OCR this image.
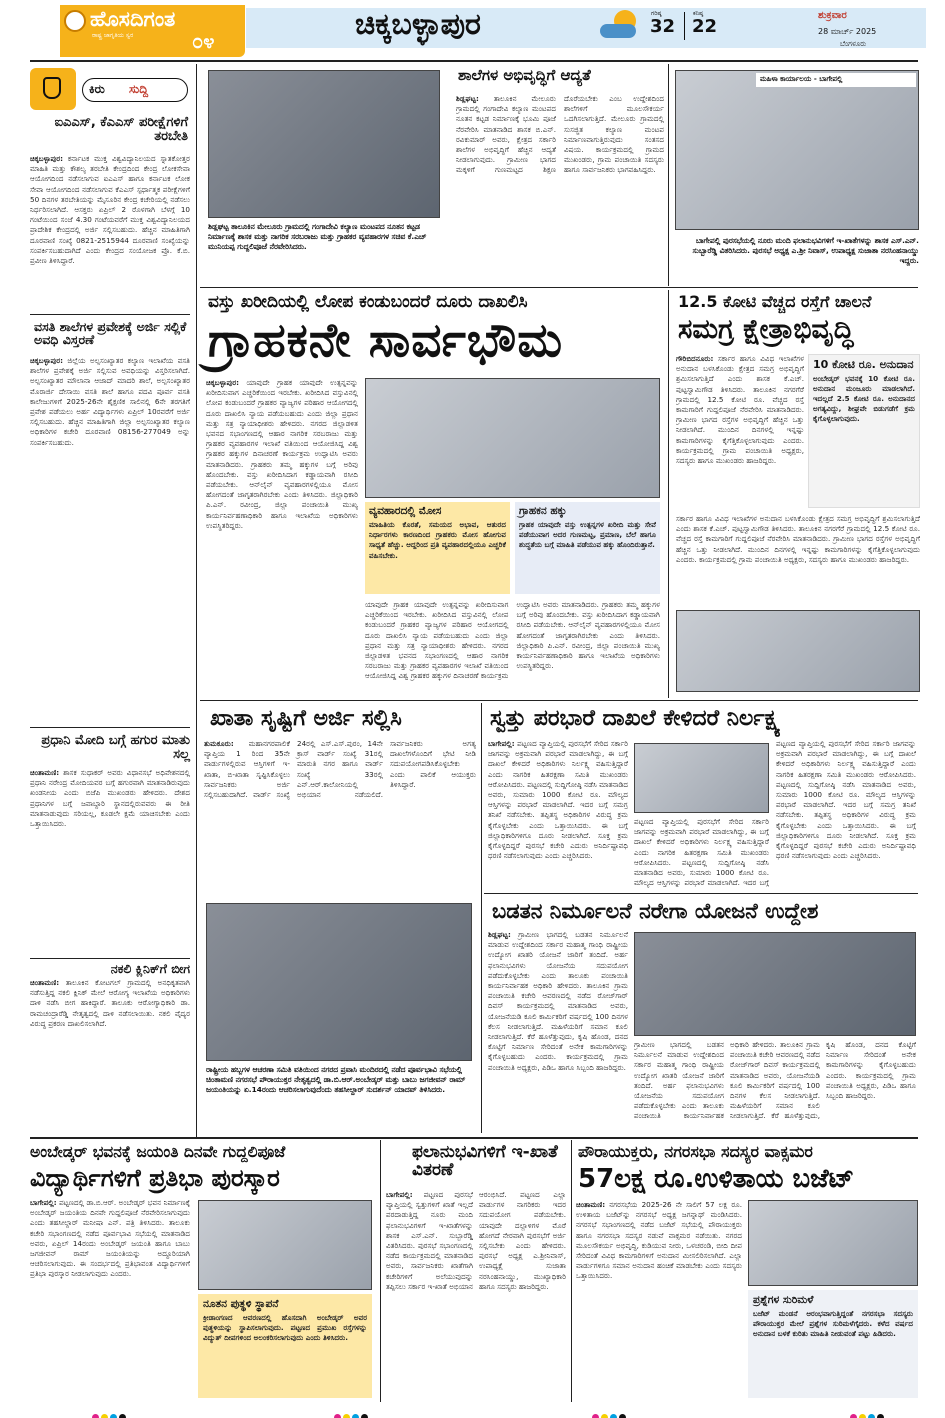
ಹೊಸದಿಗಂತ
ರಾಷ್ಟ್ರ ಜಾಗೃತಿಯ ಸ್ವರ	೦೪	ಚಿಕ್ಕಬಳ್ಳಾಪುರ	ಗರಿಷ್ಠ
32
ಕನಿಷ್ಠ
22
ಶುಕ್ರವಾರ
28 ಮಾರ್ಚ್ 2025
ಬೆಂಗಳೂರು
ಕಿರು ಸುದ್ದಿ
ಐಎಎಸ್, ಕೆಎಎಸ್ ಪರೀಕ್ಷೆಗಳಿಗೆ ತರಬೇತಿ
ಚಿಕ್ಕಬಳ್ಳಾಪುರ: ಕರ್ನಾಟಕ ಮುಕ್ತ ವಿಶ್ವವಿದ್ಯಾನಿಲಯದ ಸ್ನಾತಕೋತ್ತರ ಮಾಹಿತಿ ಮತ್ತು ಕೌಶಲ್ಯ ತರಬೇತಿ ಕೇಂದ್ರದಿಂದ ಕೇಂದ್ರ ಲೋಕಸೇವಾ ಆಯೋಗದಿಂದ ನಡೆಸಲಾಗುವ ಐಎಎಸ್ ಹಾಗೂ ಕರ್ನಾಟಕ ಲೋಕ ಸೇವಾ ಆಯೋಗದಿಂದ ನಡೆಸಲಾಗುವ ಕೆಎಎಸ್ ಸ್ಪರ್ಧಾತ್ಮಕ ಪರೀಕ್ಷೆಗಳಿಗೆ 50 ದಿನಗಳ ತರಬೇತಿಯನ್ನು ಮೈಸೂರಿನ ಕೇಂದ್ರ ಕಚೇರಿಯಲ್ಲಿ ನಡೆಸಲು ನಿರ್ಧರಿಸಲಾಗಿದೆ. ಆಸಕ್ತರು ಏಪ್ರಿಲ್ 2 ರೊಳಗಾಗಿ ಬೆಳಗ್ಗೆ 10 ಗಂಟೆಯಿಂದ ಸಂಜೆ 4.30 ಗಂಟೆಯವರೆಗೆ ಮುಕ್ತ ವಿಶ್ವವಿದ್ಯಾನಿಲಯದ ಪ್ರಾದೇಶಿಕ ಕೇಂದ್ರದಲ್ಲಿ ಅರ್ಜಿ ಸಲ್ಲಿಸಬಹುದು. ಹೆಚ್ಚಿನ ಮಾಹಿತಿಗಾಗಿ ದೂರವಾಣಿ ಸಂಖ್ಯೆ 0821-2515944 ದೂರವಾಣಿ ಸಂಖ್ಯೆಯನ್ನು ಸಂಪರ್ಕಿಸಬಹುದಾಗಿದೆ ಎಂದು ಕೇಂದ್ರದ ಸಂಯೋಜಕ ಪ್ರೊ. ಕೆ.ಬಿ. ಪ್ರವೀಣ ತಿಳಿಸಿದ್ದಾರೆ.
ವಸತಿ ಶಾಲೆಗಳ ಪ್ರವೇಶಕ್ಕೆ ಅರ್ಜಿ ಸಲ್ಲಿಕೆ ಅವಧಿ ವಿಸ್ತರಣೆ
ಚಿಕ್ಕಬಳ್ಳಾಪುರ: ಜಿಲ್ಲೆಯ ಅಲ್ಪಸಂಖ್ಯಾತರ ಕಲ್ಯಾಣ ಇಲಾಖೆಯ ವಸತಿ ಶಾಲೆಗಳ ಪ್ರವೇಶಕ್ಕೆ ಅರ್ಜಿ ಸಲ್ಲಿಸುವ ಅವಧಿಯನ್ನು ವಿಸ್ತರಿಸಲಾಗಿದೆ. ಅಲ್ಪಸಂಖ್ಯಾತರ ಮೌಲಾನಾ ಆಜಾದ್ ಮಾದರಿ ಶಾಲೆ, ಅಲ್ಪಸಂಖ್ಯಾತರ ಮೊರಾರ್ಜಿ ದೇಸಾಯಿ ವಸತಿ ಶಾಲೆ ಹಾಗೂ ಪದವಿ ಪೂರ್ವ ವಸತಿ ಕಾಲೇಜುಗಳಿಗೆ 2025-26ನೇ ಶೈಕ್ಷಣಿಕ ಸಾಲಿನಲ್ಲಿ 6ನೇ ತರಗತಿಗೆ ಪ್ರವೇಶ ಪಡೆಯಲು ಅರ್ಹ ವಿದ್ಯಾರ್ಥಿಗಳು ಏಪ್ರಿಲ್ 10ರವರೆಗೆ ಅರ್ಜಿ ಸಲ್ಲಿಸಬಹುದು. ಹೆಚ್ಚಿನ ಮಾಹಿತಿಗಾಗಿ ಜಿಲ್ಲಾ ಅಲ್ಪಸಂಖ್ಯಾತರ ಕಲ್ಯಾಣ ಅಧಿಕಾರಿಗಳ ಕಚೇರಿ ದೂರವಾಣಿ 08156-277049 ಅನ್ನು ಸಂಪರ್ಕಿಸಬಹುದು.
ಪ್ರಧಾನಿ ಮೋದಿ ಬಗ್ಗೆ ಹಗುರ ಮಾತು ಸಲ್ಲ
ಚಿಂತಾಮಣಿ: ಶಾಸಕ ಸುಧಾಕರ್ ಅವರು ವಿಧಾನಸಭೆ ಅಧಿವೇಶನದಲ್ಲಿ ಪ್ರಧಾನಿ ನರೇಂದ್ರ ಮೋದಿಯವರ ಬಗ್ಗೆ ಹಗುರವಾಗಿ ಮಾತನಾಡಿರುವುದು ಖಂಡನೀಯ ಎಂದು ಬಿಜೆಪಿ ಮುಖಂಡರು ಹೇಳಿದರು. ದೇಶದ ಪ್ರಧಾನಿಗಳ ಬಗ್ಗೆ ಜವಾಬ್ದಾರಿ ಸ್ಥಾನದಲ್ಲಿರುವವರು ಈ ರೀತಿ ಮಾತನಾಡುವುದು ಸರಿಯಲ್ಲ, ಕೂಡಲೇ ಕ್ಷಮೆ ಯಾಚಿಸಬೇಕು ಎಂದು ಒತ್ತಾಯಿಸಿದರು.
ನಕಲಿ ಕ್ಲಿನಿಕ್‌ಗೆ ಬೀಗ
ಚಿಂತಾಮಣಿ: ತಾಲೂಕಿನ ಕೋಟಗಲ್ ಗ್ರಾಮದಲ್ಲಿ ಅನಧಿಕೃತವಾಗಿ ನಡೆಸುತ್ತಿದ್ದ ನಕಲಿ ಕ್ಲಿನಿಕ್ ಮೇಲೆ ಆರೋಗ್ಯ ಇಲಾಖೆಯ ಅಧಿಕಾರಿಗಳು ದಾಳಿ ನಡೆಸಿ ಬೀಗ ಹಾಕಿದ್ದಾರೆ. ತಾಲೂಕು ಆರೋಗ್ಯಾಧಿಕಾರಿ ಡಾ. ರಾಮಚಂದ್ರಾರೆಡ್ಡಿ ನೇತೃತ್ವದಲ್ಲಿ ದಾಳಿ ನಡೆಸಲಾಯಿತು. ನಕಲಿ ವೈದ್ಯರ ವಿರುದ್ಧ ಪ್ರಕರಣ ದಾಖಲಿಸಲಾಗಿದೆ.
ಶಿಡ್ಲಘಟ್ಟ ತಾಲೂಕಿನ ಮೇಲೂರು ಗ್ರಾಮದಲ್ಲಿ ಗಂಗಾದೇವಿ ಕಲ್ಯಾಣ ಮಂಟಪದ ನೂತನ ಕಟ್ಟಡ ನಿರ್ಮಾಣಕ್ಕೆ ಶಾಸಕ ಮತ್ತು ನಾಗರಿಕ ಸರಬರಾಜು ಮತ್ತು ಗ್ರಾಹಕರ ವ್ಯವಹಾರಗಳ ಸಚಿವ ಕೆ.ಎಚ್ ಮುನಿಯಪ್ಪ ಗುದ್ದಲಿಪೂಜೆ ನೆರವೇರಿಸಿದರು.
ಶಾಲೆಗಳ ಅಭಿವೃದ್ಧಿಗೆ ಆದ್ಯತೆ
ಶಿಡ್ಲಘಟ್ಟ: ತಾಲೂಕಿನ ಮೇಲೂರು ಗ್ರಾಮದಲ್ಲಿ ಗಂಗಾದೇವಿ ಕಲ್ಯಾಣ ಮಂಟಪದ ನೂತನ ಕಟ್ಟಡ ನಿರ್ಮಾಣಕ್ಕೆ ಭೂಮಿ ಪೂಜೆ ನೆರವೇರಿಸಿ ಮಾತನಾಡಿದ ಶಾಸಕ ಬಿ.ಎನ್. ರವಿಕುಮಾರ್ ಅವರು, ಕ್ಷೇತ್ರದ ಸರ್ಕಾರಿ ಶಾಲೆಗಳ ಅಭಿವೃದ್ಧಿಗೆ ಹೆಚ್ಚಿನ ಆದ್ಯತೆ ನೀಡಲಾಗುವುದು. ಗ್ರಾಮೀಣ ಭಾಗದ ಮಕ್ಕಳಿಗೆ ಗುಣಮಟ್ಟದ ಶಿಕ್ಷಣ ದೊರೆಯಬೇಕು ಎಂಬ ಉದ್ದೇಶದಿಂದ ಶಾಲೆಗಳಿಗೆ ಮೂಲಸೌಕರ್ಯ ಒದಗಿಸಲಾಗುತ್ತಿದೆ. ಮೇಲೂರು ಗ್ರಾಮದಲ್ಲಿ ಸುಸಜ್ಜಿತ ಕಲ್ಯಾಣ ಮಂಟಪ ನಿರ್ಮಾಣವಾಗುತ್ತಿರುವುದು ಸಂತಸದ ವಿಷಯ. ಕಾರ್ಯಕ್ರಮದಲ್ಲಿ ಗ್ರಾಮದ ಮುಖಂಡರು, ಗ್ರಾಮ ಪಂಚಾಯಿತಿ ಸದಸ್ಯರು ಹಾಗೂ ಸಾರ್ವಜನಿಕರು ಭಾಗವಹಿಸಿದ್ದರು.
ಮಹಿಳಾ ಕಾರ್ಯಾಲಯ - ಬಾಗೇಪಲ್ಲಿ
ಬಾಗೇಪಲ್ಲಿ ಪುರಸಭೆಯಲ್ಲಿ ನೂರು ಮಂದಿ ಫಲಾನುಭವಿಗಳಿಗೆ ಇ-ಖಾತೆಗಳನ್ನು ಶಾಸಕ ಎಸ್.ಎನ್. ಸುಬ್ಬಾರೆಡ್ಡಿ ವಿತರಿಸಿದರು. ಪುರಸಭೆ ಅಧ್ಯಕ್ಷ ಎ.ಶ್ರೀ ನಿವಾಸ್, ಉಪಾಧ್ಯಕ್ಷ ಸುಜಾತಾ ನರಸಿಂಹನಾಯ್ಡು ಇದ್ದರು.
ವಸ್ತು ಖರೀದಿಯಲ್ಲಿ ಲೋಪ ಕಂಡುಬಂದರೆ ದೂರು ದಾಖಲಿಸಿ
ಗ್ರಾಹಕನೇ ಸಾರ್ವಭೌಮ
ಚಿಕ್ಕಬಳ್ಳಾಪುರ: ಯಾವುದೇ ಗ್ರಾಹಕ ಯಾವುದೇ ಉತ್ಪನ್ನವನ್ನು ಖರೀದಿಸುವಾಗ ಎಚ್ಚರಿಕೆಯಿಂದ ಇರಬೇಕು. ಖರೀದಿಸಿದ ವಸ್ತುವಿನಲ್ಲಿ ಲೋಪ ಕಂಡುಬಂದರೆ ಗ್ರಾಹಕರ ವ್ಯಾಜ್ಯಗಳ ಪರಿಹಾರ ಆಯೋಗದಲ್ಲಿ ದೂರು ದಾಖಲಿಸಿ ನ್ಯಾಯ ಪಡೆಯಬಹುದು ಎಂದು ಜಿಲ್ಲಾ ಪ್ರಧಾನ ಮತ್ತು ಸತ್ರ ನ್ಯಾಯಾಧೀಶರು ಹೇಳಿದರು. ನಗರದ ಜಿಲ್ಲಾಡಳಿತ ಭವನದ ಸಭಾಂಗಣದಲ್ಲಿ ಆಹಾರ ನಾಗರಿಕ ಸರಬರಾಜು ಮತ್ತು ಗ್ರಾಹಕರ ವ್ಯವಹಾರಗಳ ಇಲಾಖೆ ವತಿಯಿಂದ ಆಯೋಜಿಸಿದ್ದ ವಿಶ್ವ ಗ್ರಾಹಕರ ಹಕ್ಕುಗಳ ದಿನಾಚರಣೆ ಕಾರ್ಯಕ್ರಮ ಉದ್ಘಾಟಿಸಿ ಅವರು ಮಾತನಾಡಿದರು. ಗ್ರಾಹಕರು ತಮ್ಮ ಹಕ್ಕುಗಳ ಬಗ್ಗೆ ಅರಿವು ಹೊಂದಬೇಕು. ವಸ್ತು ಖರೀದಿಸಿದಾಗ ಕಡ್ಡಾಯವಾಗಿ ರಸೀದಿ ಪಡೆಯಬೇಕು. ಆನ್‌ಲೈನ್ ವ್ಯವಹಾರಗಳಲ್ಲಿಯೂ ಮೋಸ ಹೋಗದಂತೆ ಜಾಗೃತರಾಗಿರಬೇಕು ಎಂದು ತಿಳಿಸಿದರು. ಜಿಲ್ಲಾಧಿಕಾರಿ ಪಿ.ಎನ್. ರವೀಂದ್ರ, ಜಿಲ್ಲಾ ಪಂಚಾಯಿತಿ ಮುಖ್ಯ ಕಾರ್ಯನಿರ್ವಹಣಾಧಿಕಾರಿ ಹಾಗೂ ಇಲಾಖೆಯ ಅಧಿಕಾರಿಗಳು ಉಪಸ್ಥಿತರಿದ್ದರು.
ವ್ಯವಹಾರದಲ್ಲಿ ಮೋಸ
ಮಾಹಿತಿಯ ಕೊರತೆ, ಸಮಯದ ಅಭಾವ, ಆತುರದ ನಿರ್ಧಾರಗಳು ಕಾರಣದಿಂದ ಗ್ರಾಹಕರು ಮೋಸ ಹೋಗುವ ಸಾಧ್ಯತೆ ಹೆಚ್ಚು. ಆದ್ದರಿಂದ ಪ್ರತಿ ವ್ಯವಹಾರದಲ್ಲಿಯೂ ಎಚ್ಚರಿಕೆ ವಹಿಸಬೇಕು.
ಗ್ರಾಹಕನ ಹಕ್ಕು
ಗ್ರಾಹಕ ಯಾವುದೇ ವಸ್ತು ಉತ್ಪನ್ನಗಳ ಖರೀದಿ ಮತ್ತು ಸೇವೆ ಪಡೆಯುವಾಗ ಅದರ ಗುಣಮಟ್ಟ, ಪ್ರಮಾಣ, ಬೆಲೆ ಹಾಗೂ ಶುದ್ಧತೆಯ ಬಗ್ಗೆ ಮಾಹಿತಿ ಪಡೆಯುವ ಹಕ್ಕು ಹೊಂದಿರುತ್ತಾನೆ.
ಯಾವುದೇ ಗ್ರಾಹಕ ಯಾವುದೇ ಉತ್ಪನ್ನವನ್ನು ಖರೀದಿಸುವಾಗ ಎಚ್ಚರಿಕೆಯಿಂದ ಇರಬೇಕು. ಖರೀದಿಸಿದ ವಸ್ತುವಿನಲ್ಲಿ ಲೋಪ ಕಂಡುಬಂದರೆ ಗ್ರಾಹಕರ ವ್ಯಾಜ್ಯಗಳ ಪರಿಹಾರ ಆಯೋಗದಲ್ಲಿ ದೂರು ದಾಖಲಿಸಿ ನ್ಯಾಯ ಪಡೆಯಬಹುದು ಎಂದು ಜಿಲ್ಲಾ ಪ್ರಧಾನ ಮತ್ತು ಸತ್ರ ನ್ಯಾಯಾಧೀಶರು ಹೇಳಿದರು. ನಗರದ ಜಿಲ್ಲಾಡಳಿತ ಭವನದ ಸಭಾಂಗಣದಲ್ಲಿ ಆಹಾರ ನಾಗರಿಕ ಸರಬರಾಜು ಮತ್ತು ಗ್ರಾಹಕರ ವ್ಯವಹಾರಗಳ ಇಲಾಖೆ ವತಿಯಿಂದ ಆಯೋಜಿಸಿದ್ದ ವಿಶ್ವ ಗ್ರಾಹಕರ ಹಕ್ಕುಗಳ ದಿನಾಚರಣೆ ಕಾರ್ಯಕ್ರಮ ಉದ್ಘಾಟಿಸಿ ಅವರು ಮಾತನಾಡಿದರು. ಗ್ರಾಹಕರು ತಮ್ಮ ಹಕ್ಕುಗಳ ಬಗ್ಗೆ ಅರಿವು ಹೊಂದಬೇಕು. ವಸ್ತು ಖರೀದಿಸಿದಾಗ ಕಡ್ಡಾಯವಾಗಿ ರಸೀದಿ ಪಡೆಯಬೇಕು. ಆನ್‌ಲೈನ್ ವ್ಯವಹಾರಗಳಲ್ಲಿಯೂ ಮೋಸ ಹೋಗದಂತೆ ಜಾಗೃತರಾಗಿರಬೇಕು ಎಂದು ತಿಳಿಸಿದರು. ಜಿಲ್ಲಾಧಿಕಾರಿ ಪಿ.ಎನ್. ರವೀಂದ್ರ, ಜಿಲ್ಲಾ ಪಂಚಾಯಿತಿ ಮುಖ್ಯ ಕಾರ್ಯನಿರ್ವಹಣಾಧಿಕಾರಿ ಹಾಗೂ ಇಲಾಖೆಯ ಅಧಿಕಾರಿಗಳು ಉಪಸ್ಥಿತರಿದ್ದರು.
12.5 ಕೋಟಿ ವೆಚ್ಚದ ರಸ್ತೆಗೆ ಚಾಲನೆ
ಸಮಗ್ರ ಕ್ಷೇತ್ರಾಭಿವೃದ್ಧಿ
ಗೌರಿಬಿದನೂರು: ಸರ್ಕಾರ ಹಾಗೂ ವಿವಿಧ ಇಲಾಖೆಗಳ ಅನುದಾನ ಬಳಸಿಕೊಂಡು ಕ್ಷೇತ್ರದ ಸಮಗ್ರ ಅಭಿವೃದ್ಧಿಗೆ ಶ್ರಮಿಸಲಾಗುತ್ತಿದೆ ಎಂದು ಶಾಸಕ ಕೆ.ಎಚ್. ಪುಟ್ಟಸ್ವಾಮಿಗೌಡ ತಿಳಿಸಿದರು. ತಾಲೂಕಿನ ನಗರಗೆರೆ ಗ್ರಾಮದಲ್ಲಿ 12.5 ಕೋಟಿ ರೂ. ವೆಚ್ಚದ ರಸ್ತೆ ಕಾಮಗಾರಿಗೆ ಗುದ್ದಲಿಪೂಜೆ ನೆರವೇರಿಸಿ ಮಾತನಾಡಿದರು. ಗ್ರಾಮೀಣ ಭಾಗದ ರಸ್ತೆಗಳ ಅಭಿವೃದ್ಧಿಗೆ ಹೆಚ್ಚಿನ ಒತ್ತು ನೀಡಲಾಗಿದೆ. ಮುಂದಿನ ದಿನಗಳಲ್ಲಿ ಇನ್ನಷ್ಟು ಕಾಮಗಾರಿಗಳನ್ನು ಕೈಗೆತ್ತಿಕೊಳ್ಳಲಾಗುವುದು ಎಂದರು. ಕಾರ್ಯಕ್ರಮದಲ್ಲಿ ಗ್ರಾಮ ಪಂಚಾಯಿತಿ ಅಧ್ಯಕ್ಷರು, ಸದಸ್ಯರು ಹಾಗೂ ಮುಖಂಡರು ಹಾಜರಿದ್ದರು.
10 ಕೋಟಿ ರೂ. ಅನುದಾನ
ಅಂಬೇಡ್ಕರ್ ಭವನಕ್ಕೆ 10 ಕೋಟಿ ರೂ. ಅನುದಾನ ಮಂಜೂರು ಮಾಡಲಾಗಿದೆ. ಇದಲ್ಲದೆ 2.5 ಕೋಟಿ ರೂ. ಅನುದಾನದ ಅಗತ್ಯವಿದ್ದು, ಶೀಘ್ರವೇ ಬಿಡುಗಡೆಗೆ ಕ್ರಮ ಕೈಗೊಳ್ಳಲಾಗುವುದು.
ಸರ್ಕಾರ ಹಾಗೂ ವಿವಿಧ ಇಲಾಖೆಗಳ ಅನುದಾನ ಬಳಸಿಕೊಂಡು ಕ್ಷೇತ್ರದ ಸಮಗ್ರ ಅಭಿವೃದ್ಧಿಗೆ ಶ್ರಮಿಸಲಾಗುತ್ತಿದೆ ಎಂದು ಶಾಸಕ ಕೆ.ಎಚ್. ಪುಟ್ಟಸ್ವಾಮಿಗೌಡ ತಿಳಿಸಿದರು. ತಾಲೂಕಿನ ನಗರಗೆರೆ ಗ್ರಾಮದಲ್ಲಿ 12.5 ಕೋಟಿ ರೂ. ವೆಚ್ಚದ ರಸ್ತೆ ಕಾಮಗಾರಿಗೆ ಗುದ್ದಲಿಪೂಜೆ ನೆರವೇರಿಸಿ ಮಾತನಾಡಿದರು. ಗ್ರಾಮೀಣ ಭಾಗದ ರಸ್ತೆಗಳ ಅಭಿವೃದ್ಧಿಗೆ ಹೆಚ್ಚಿನ ಒತ್ತು ನೀಡಲಾಗಿದೆ. ಮುಂದಿನ ದಿನಗಳಲ್ಲಿ ಇನ್ನಷ್ಟು ಕಾಮಗಾರಿಗಳನ್ನು ಕೈಗೆತ್ತಿಕೊಳ್ಳಲಾಗುವುದು ಎಂದರು. ಕಾರ್ಯಕ್ರಮದಲ್ಲಿ ಗ್ರಾಮ ಪಂಚಾಯಿತಿ ಅಧ್ಯಕ್ಷರು, ಸದಸ್ಯರು ಹಾಗೂ ಮುಖಂಡರು ಹಾಜರಿದ್ದರು.
ಖಾತಾ ಸೃಷ್ಟಿಗೆ ಅರ್ಜಿ ಸಲ್ಲಿಸಿ
ತುಮಕೂರು: ಮಹಾನಗರಪಾಲಿಕೆ ವ್ಯಾಪ್ತಿಯ 1 ರಿಂದ 35ನೇ ವಾರ್ಡುಗಳಲ್ಲಿರುವ ಆಸ್ತಿಗಳಿಗೆ ಇ-ಖಾತಾ, ಬಿ-ಖಾತಾ ಸೃಷ್ಟಿಸಿಕೊಳ್ಳಲು ಸಾರ್ವಜನಿಕರು ಅರ್ಜಿ ಸಲ್ಲಿಸಬಹುದಾಗಿದೆ. ವಾರ್ಡ್ ಸಂಖ್ಯೆ 24ರಲ್ಲಿ ಎಸ್.ಎಸ್.ಪುರಂ, 14ನೇ ಕ್ರಾಸ್ ವಾರ್ಡ್ ಸಂಖ್ಯೆ 31ರಲ್ಲಿ ಮಾರುತಿ ನಗರ ಹಾಗೂ ವಾರ್ಡ್ ಸಂಖ್ಯೆ 33ರಲ್ಲಿ ಎನ್.ಆರ್.ಕಾಲೋನಿಯಲ್ಲಿ ಅಭಿಯಾನ ನಡೆಯಲಿದೆ. ಸಾರ್ವಜನಿಕರು ಅಗತ್ಯ ದಾಖಲೆಗಳೊಂದಿಗೆ ಭೇಟಿ ನೀಡಿ ಸದುಪಯೋಗಪಡಿಸಿಕೊಳ್ಳಬೇಕು ಎಂದು ಪಾಲಿಕೆ ಆಯುಕ್ತರು ತಿಳಿಸಿದ್ದಾರೆ.
ರಾಷ್ಟ್ರೀಯ ಹಬ್ಬಗಳ ಆಚರಣಾ ಸಮಿತಿ ವತಿಯಿಂದ ನಗರದ ಪ್ರವಾಸಿ ಮಂದಿರದಲ್ಲಿ ನಡೆದ ಪೂರ್ವಭಾವಿ ಸಭೆಯಲ್ಲಿ ಚಿಂತಾಮಣಿ ನಗರಸಭೆ ಪೌರಾಯುಕ್ತರ ನೇತೃತ್ವದಲ್ಲಿ ಡಾ.ಬಿ.ಆರ್.ಅಂಬೇಡ್ಕರ್ ಮತ್ತು ಬಾಬು ಜಗಜೀವನ್ ರಾಮ್ ಜಯಂತಿಯನ್ನು ಏ.14ರಂದು ಆಚರಿಸಲಾಗುವುದೆಂದು ತಹಸೀಲ್ದಾರ್ ಸುದರ್ಶನ್ ಯಾದವ್ ತಿಳಿಸಿದರು.
ಸ್ವತ್ತು ಪರಭಾರೆ ದಾಖಲೆ ಕೇಳಿದರೆ ನಿರ್ಲಕ್ಷ್ಯ
ಬಾಗೇಪಲ್ಲಿ: ಪಟ್ಟಣದ ವ್ಯಾಪ್ತಿಯಲ್ಲಿ ಪುರಸಭೆಗೆ ಸೇರಿದ ಸರ್ಕಾರಿ ಜಾಗವನ್ನು ಅಕ್ರಮವಾಗಿ ಪರಭಾರೆ ಮಾಡಲಾಗಿದ್ದು, ಈ ಬಗ್ಗೆ ದಾಖಲೆ ಕೇಳಿದರೆ ಅಧಿಕಾರಿಗಳು ನಿರ್ಲಕ್ಷ್ಯ ವಹಿಸುತ್ತಿದ್ದಾರೆ ಎಂದು ನಾಗರಿಕ ಹಿತರಕ್ಷಣಾ ಸಮಿತಿ ಮುಖಂಡರು ಆರೋಪಿಸಿದರು. ಪಟ್ಟಣದಲ್ಲಿ ಸುದ್ದಿಗೋಷ್ಠಿ ನಡೆಸಿ ಮಾತನಾಡಿದ ಅವರು, ಸುಮಾರು 1000 ಕೋಟಿ ರೂ. ಮೌಲ್ಯದ ಆಸ್ತಿಗಳನ್ನು ಪರಭಾರೆ ಮಾಡಲಾಗಿದೆ. ಇದರ ಬಗ್ಗೆ ಸಮಗ್ರ ತನಿಖೆ ನಡೆಸಬೇಕು. ತಪ್ಪಿತಸ್ಥ ಅಧಿಕಾರಿಗಳ ವಿರುದ್ಧ ಕ್ರಮ ಕೈಗೊಳ್ಳಬೇಕು ಎಂದು ಒತ್ತಾಯಿಸಿದರು. ಈ ಬಗ್ಗೆ ಜಿಲ್ಲಾಧಿಕಾರಿಗಳಿಗೂ ದೂರು ನೀಡಲಾಗಿದೆ. ಸೂಕ್ತ ಕ್ರಮ ಕೈಗೊಳ್ಳದಿದ್ದರೆ ಪುರಸಭೆ ಕಚೇರಿ ಎದುರು ಅನಿರ್ದಿಷ್ಟಾವಧಿ ಧರಣಿ ನಡೆಸಲಾಗುವುದು ಎಂದು ಎಚ್ಚರಿಸಿದರು.
ಪಟ್ಟಣದ ವ್ಯಾಪ್ತಿಯಲ್ಲಿ ಪುರಸಭೆಗೆ ಸೇರಿದ ಸರ್ಕಾರಿ ಜಾಗವನ್ನು ಅಕ್ರಮವಾಗಿ ಪರಭಾರೆ ಮಾಡಲಾಗಿದ್ದು, ಈ ಬಗ್ಗೆ ದಾಖಲೆ ಕೇಳಿದರೆ ಅಧಿಕಾರಿಗಳು ನಿರ್ಲಕ್ಷ್ಯ ವಹಿಸುತ್ತಿದ್ದಾರೆ ಎಂದು ನಾಗರಿಕ ಹಿತರಕ್ಷಣಾ ಸಮಿತಿ ಮುಖಂಡರು ಆರೋಪಿಸಿದರು. ಪಟ್ಟಣದಲ್ಲಿ ಸುದ್ದಿಗೋಷ್ಠಿ ನಡೆಸಿ ಮಾತನಾಡಿದ ಅವರು, ಸುಮಾರು 1000 ಕೋಟಿ ರೂ. ಮೌಲ್ಯದ ಆಸ್ತಿಗಳನ್ನು ಪರಭಾರೆ ಮಾಡಲಾಗಿದೆ. ಇದರ ಬಗ್ಗೆ
ಪಟ್ಟಣದ ವ್ಯಾಪ್ತಿಯಲ್ಲಿ ಪುರಸಭೆಗೆ ಸೇರಿದ ಸರ್ಕಾರಿ ಜಾಗವನ್ನು ಅಕ್ರಮವಾಗಿ ಪರಭಾರೆ ಮಾಡಲಾಗಿದ್ದು, ಈ ಬಗ್ಗೆ ದಾಖಲೆ ಕೇಳಿದರೆ ಅಧಿಕಾರಿಗಳು ನಿರ್ಲಕ್ಷ್ಯ ವಹಿಸುತ್ತಿದ್ದಾರೆ ಎಂದು ನಾಗರಿಕ ಹಿತರಕ್ಷಣಾ ಸಮಿತಿ ಮುಖಂಡರು ಆರೋಪಿಸಿದರು. ಪಟ್ಟಣದಲ್ಲಿ ಸುದ್ದಿಗೋಷ್ಠಿ ನಡೆಸಿ ಮಾತನಾಡಿದ ಅವರು, ಸುಮಾರು 1000 ಕೋಟಿ ರೂ. ಮೌಲ್ಯದ ಆಸ್ತಿಗಳನ್ನು ಪರಭಾರೆ ಮಾಡಲಾಗಿದೆ. ಇದರ ಬಗ್ಗೆ ಸಮಗ್ರ ತನಿಖೆ ನಡೆಸಬೇಕು. ತಪ್ಪಿತಸ್ಥ ಅಧಿಕಾರಿಗಳ ವಿರುದ್ಧ ಕ್ರಮ ಕೈಗೊಳ್ಳಬೇಕು ಎಂದು ಒತ್ತಾಯಿಸಿದರು. ಈ ಬಗ್ಗೆ ಜಿಲ್ಲಾಧಿಕಾರಿಗಳಿಗೂ ದೂರು ನೀಡಲಾಗಿದೆ. ಸೂಕ್ತ ಕ್ರಮ ಕೈಗೊಳ್ಳದಿದ್ದರೆ ಪುರಸಭೆ ಕಚೇರಿ ಎದುರು ಅನಿರ್ದಿಷ್ಟಾವಧಿ ಧರಣಿ ನಡೆಸಲಾಗುವುದು ಎಂದು ಎಚ್ಚರಿಸಿದರು.
ಬಡತನ ನಿರ್ಮೂಲನೆ ನರೇಗಾ ಯೋಜನೆ ಉದ್ದೇಶ
ಶಿಡ್ಲಘಟ್ಟ: ಗ್ರಾಮೀಣ ಭಾಗದಲ್ಲಿ ಬಡತನ ನಿರ್ಮೂಲನೆ ಮಾಡುವ ಉದ್ದೇಶದಿಂದ ಸರ್ಕಾರ ಮಹಾತ್ಮ ಗಾಂಧಿ ರಾಷ್ಟ್ರೀಯ ಉದ್ಯೋಗ ಖಾತರಿ ಯೋಜನೆ ಜಾರಿಗೆ ತಂದಿದೆ. ಅರ್ಹ ಫಲಾನುಭವಿಗಳು ಯೋಜನೆಯ ಸದುಪಯೋಗ ಪಡೆದುಕೊಳ್ಳಬೇಕು ಎಂದು ತಾಲೂಕು ಪಂಚಾಯಿತಿ ಕಾರ್ಯನಿರ್ವಾಹಕ ಅಧಿಕಾರಿ ಹೇಳಿದರು. ತಾಲೂಕಿನ ಗ್ರಾಮ ಪಂಚಾಯಿತಿ ಕಚೇರಿ ಆವರಣದಲ್ಲಿ ನಡೆದ ರೋಜ್‌ಗಾರ್ ದಿವಸ್ ಕಾರ್ಯಕ್ರಮದಲ್ಲಿ ಮಾತನಾಡಿದ ಅವರು, ಯೋಜನೆಯಡಿ ಕೂಲಿ ಕಾರ್ಮಿಕರಿಗೆ ವರ್ಷದಲ್ಲಿ 100 ದಿನಗಳ ಕೆಲಸ ನೀಡಲಾಗುತ್ತಿದೆ. ಮಹಿಳೆಯರಿಗೆ ಸಮಾನ ಕೂಲಿ ನೀಡಲಾಗುತ್ತಿದೆ. ಕೆರೆ ಹೂಳೆತ್ತುವುದು, ಕೃಷಿ ಹೊಂಡ, ದನದ ಕೊಟ್ಟಿಗೆ ನಿರ್ಮಾಣ ಸೇರಿದಂತೆ ಅನೇಕ ಕಾಮಗಾರಿಗಳನ್ನು ಕೈಗೊಳ್ಳಬಹುದು ಎಂದರು. ಕಾರ್ಯಕ್ರಮದಲ್ಲಿ ಗ್ರಾಮ ಪಂಚಾಯಿತಿ ಅಧ್ಯಕ್ಷರು, ಪಿಡಿಒ ಹಾಗೂ ಸಿಬ್ಬಂದಿ ಹಾಜರಿದ್ದರು.
ಗ್ರಾಮೀಣ ಭಾಗದಲ್ಲಿ ಬಡತನ ನಿರ್ಮೂಲನೆ ಮಾಡುವ ಉದ್ದೇಶದಿಂದ ಸರ್ಕಾರ ಮಹಾತ್ಮ ಗಾಂಧಿ ರಾಷ್ಟ್ರೀಯ ಉದ್ಯೋಗ ಖಾತರಿ ಯೋಜನೆ ಜಾರಿಗೆ ತಂದಿದೆ. ಅರ್ಹ ಫಲಾನುಭವಿಗಳು ಯೋಜನೆಯ ಸದುಪಯೋಗ ಪಡೆದುಕೊಳ್ಳಬೇಕು ಎಂದು ತಾಲೂಕು ಪಂಚಾಯಿತಿ ಕಾರ್ಯನಿರ್ವಾಹಕ ಅಧಿಕಾರಿ ಹೇಳಿದರು. ತಾಲೂಕಿನ ಗ್ರಾಮ ಪಂಚಾಯಿತಿ ಕಚೇರಿ ಆವರಣದಲ್ಲಿ ನಡೆದ ರೋಜ್‌ಗಾರ್ ದಿವಸ್ ಕಾರ್ಯಕ್ರಮದಲ್ಲಿ ಮಾತನಾಡಿದ ಅವರು, ಯೋಜನೆಯಡಿ ಕೂಲಿ ಕಾರ್ಮಿಕರಿಗೆ ವರ್ಷದಲ್ಲಿ 100 ದಿನಗಳ ಕೆಲಸ ನೀಡಲಾಗುತ್ತಿದೆ. ಮಹಿಳೆಯರಿಗೆ ಸಮಾನ ಕೂಲಿ ನೀಡಲಾಗುತ್ತಿದೆ. ಕೆರೆ ಹೂಳೆತ್ತುವುದು, ಕೃಷಿ ಹೊಂಡ, ದನದ ಕೊಟ್ಟಿಗೆ ನಿರ್ಮಾಣ ಸೇರಿದಂತೆ ಅನೇಕ ಕಾಮಗಾರಿಗಳನ್ನು ಕೈಗೊಳ್ಳಬಹುದು ಎಂದರು. ಕಾರ್ಯಕ್ರಮದಲ್ಲಿ ಗ್ರಾಮ ಪಂಚಾಯಿತಿ ಅಧ್ಯಕ್ಷರು, ಪಿಡಿಒ ಹಾಗೂ ಸಿಬ್ಬಂದಿ ಹಾಜರಿದ್ದರು.
ಅಂಬೇಡ್ಕರ್ ಭವನಕ್ಕೆ ಜಯಂತಿ ದಿನವೇ ಗುದ್ದಲಿಪೂಜೆ
ವಿದ್ಯಾರ್ಥಿಗಳಿಗೆ ಪ್ರತಿಭಾ ಪುರಸ್ಕಾರ
ಬಾಗೇಪಲ್ಲಿ: ಪಟ್ಟಣದಲ್ಲಿ ಡಾ.ಬಿ.ಆರ್. ಅಂಬೇಡ್ಕರ್ ಭವನ ನಿರ್ಮಾಣಕ್ಕೆ ಅಂಬೇಡ್ಕರ್ ಜಯಂತಿಯ ದಿನವೇ ಗುದ್ದಲಿಪೂಜೆ ನೆರವೇರಿಸಲಾಗುವುದು ಎಂದು ತಹಸೀಲ್ದಾರ್ ಮನೀಷಾ ಎನ್. ಪತ್ರಿ ತಿಳಿಸಿದರು. ತಾಲೂಕು ಕಚೇರಿ ಸಭಾಂಗಣದಲ್ಲಿ ನಡೆದ ಪೂರ್ವಭಾವಿ ಸಭೆಯಲ್ಲಿ ಮಾತನಾಡಿದ ಅವರು, ಏಪ್ರಿಲ್ 14ರಂದು ಅಂಬೇಡ್ಕರ್ ಜಯಂತಿ ಹಾಗೂ ಬಾಬು ಜಗಜೀವನ್ ರಾಮ್ ಜಯಂತಿಯನ್ನು ಅದ್ಧೂರಿಯಾಗಿ ಆಚರಿಸಲಾಗುವುದು. ಈ ಸಂದರ್ಭದಲ್ಲಿ ಪ್ರತಿಭಾವಂತ ವಿದ್ಯಾರ್ಥಿಗಳಿಗೆ ಪ್ರತಿಭಾ ಪುರಸ್ಕಾರ ನೀಡಲಾಗುವುದು ಎಂದರು.
ನೂತನ ಪುತ್ಥಳಿ ಸ್ಥಾಪನೆ
ಕ್ರೀಡಾಂಗಣದ ಆವರಣದಲ್ಲಿ ಹೊಸದಾಗಿ ಅಂಬೇಡ್ಕರ್ ಅವರ ಪುತ್ಥಳಿಯನ್ನು ಸ್ಥಾಪಿಸಲಾಗುವುದು. ಪಟ್ಟಣದ ಪ್ರಮುಖ ರಸ್ತೆಗಳನ್ನು ವಿದ್ಯುತ್ ದೀಪಗಳಿಂದ ಅಲಂಕರಿಸಲಾಗುವುದು ಎಂದು ತಿಳಿಸಿದರು.
ಫಲಾನುಭವಿಗಳಿಗೆ ಇ-ಖಾತೆ ವಿತರಣೆ
ಬಾಗೇಪಲ್ಲಿ: ಪಟ್ಟಣದ ಪುರಸಭೆ ವ್ಯಾಪ್ತಿಯಲ್ಲಿ ಸ್ವತ್ತುಗಳಿಗೆ ಖಾತೆ ಇಲ್ಲದೆ ಪರದಾಡುತ್ತಿದ್ದ ನೂರು ಮಂದಿ ಫಲಾನುಭವಿಗಳಿಗೆ ಇ-ಖಾತೆಗಳನ್ನು ಶಾಸಕ ಎಸ್.ಎನ್. ಸುಬ್ಬಾರೆಡ್ಡಿ ವಿತರಿಸಿದರು. ಪುರಸಭೆ ಸಭಾಂಗಣದಲ್ಲಿ ನಡೆದ ಕಾರ್ಯಕ್ರಮದಲ್ಲಿ ಮಾತನಾಡಿದ ಅವರು, ಸಾರ್ವಜನಿಕರು ಖಾತೆಗಾಗಿ ಕಚೇರಿಗಳಿಗೆ ಅಲೆಯುವುದನ್ನು ತಪ್ಪಿಸಲು ಸರ್ಕಾರ ಇ-ಖಾತೆ ಅಭಿಯಾನ ಆರಂಭಿಸಿದೆ. ಪಟ್ಟಣದ ಎಲ್ಲಾ ವಾರ್ಡುಗಳ ನಾಗರಿಕರು ಇದರ ಸದುಪಯೋಗ ಪಡೆಯಬೇಕು. ಯಾವುದೇ ದಲ್ಲಾಳಿಗಳ ಮೊರೆ ಹೋಗದೆ ನೇರವಾಗಿ ಪುರಸಭೆಗೆ ಅರ್ಜಿ ಸಲ್ಲಿಸಬೇಕು ಎಂದು ಹೇಳಿದರು. ಪುರಸಭೆ ಅಧ್ಯಕ್ಷ ಎ.ಶ್ರೀನಿವಾಸ್, ಉಪಾಧ್ಯಕ್ಷೆ ಸುಜಾತಾ ನರಸಿಂಹನಾಯ್ಡು, ಮುಖ್ಯಾಧಿಕಾರಿ ಹಾಗೂ ಸದಸ್ಯರು ಹಾಜರಿದ್ದರು.
ಪೌರಾಯುಕ್ತರು, ನಗರಸಭಾ ಸದಸ್ಯರ ವಾಕ್ಸಮರ
57ಲಕ್ಷ ರೂ.ಉಳಿತಾಯ ಬಜೆಟ್
ಚಿಂತಾಮಣಿ: ನಗರಸಭೆಯ 2025-26 ನೇ ಸಾಲಿಗೆ 57 ಲಕ್ಷ ರೂ. ಉಳಿತಾಯ ಬಜೆಟ್‌ನ್ನು ನಗರಸಭೆ ಅಧ್ಯಕ್ಷ ಜಗನ್ನಾಥ್ ಮಂಡಿಸಿದರು. ನಗರಸಭೆ ಸಭಾಂಗಣದಲ್ಲಿ ನಡೆದ ಬಜೆಟ್ ಸಭೆಯಲ್ಲಿ ಪೌರಾಯುಕ್ತರು ಹಾಗೂ ನಗರಸಭಾ ಸದಸ್ಯರ ನಡುವೆ ವಾಕ್ಸಮರ ನಡೆಯಿತು. ನಗರದ ಮೂಲಸೌಕರ್ಯ ಅಭಿವೃದ್ಧಿ, ಕುಡಿಯುವ ನೀರು, ಒಳಚರಂಡಿ, ಬೀದಿ ದೀಪ ಸೇರಿದಂತೆ ವಿವಿಧ ಕಾಮಗಾರಿಗಳಿಗೆ ಅನುದಾನ ಮೀಸಲಿರಿಸಲಾಗಿದೆ. ಎಲ್ಲಾ ವಾರ್ಡುಗಳಿಗೂ ಸಮಾನ ಅನುದಾನ ಹಂಚಿಕೆ ಮಾಡಬೇಕು ಎಂದು ಸದಸ್ಯರು ಒತ್ತಾಯಿಸಿದರು.
ಪ್ರಶ್ನೆಗಳ ಸುರಿಮಳೆ
ಬಜೆಟ್ ಮಂಡನೆ ಆರಂಭವಾಗುತ್ತಿದ್ದಂತೆ ನಗರಸಭಾ ಸದಸ್ಯರು ಪೌರಾಯುಕ್ತರ ಮೇಲೆ ಪ್ರಶ್ನೆಗಳ ಸುರಿಮಳೆಗೈದರು. ಕಳೆದ ವರ್ಷದ ಅನುದಾನ ಬಳಕೆ ಕುರಿತು ಮಾಹಿತಿ ನೀಡುವಂತೆ ಪಟ್ಟು ಹಿಡಿದರು.
